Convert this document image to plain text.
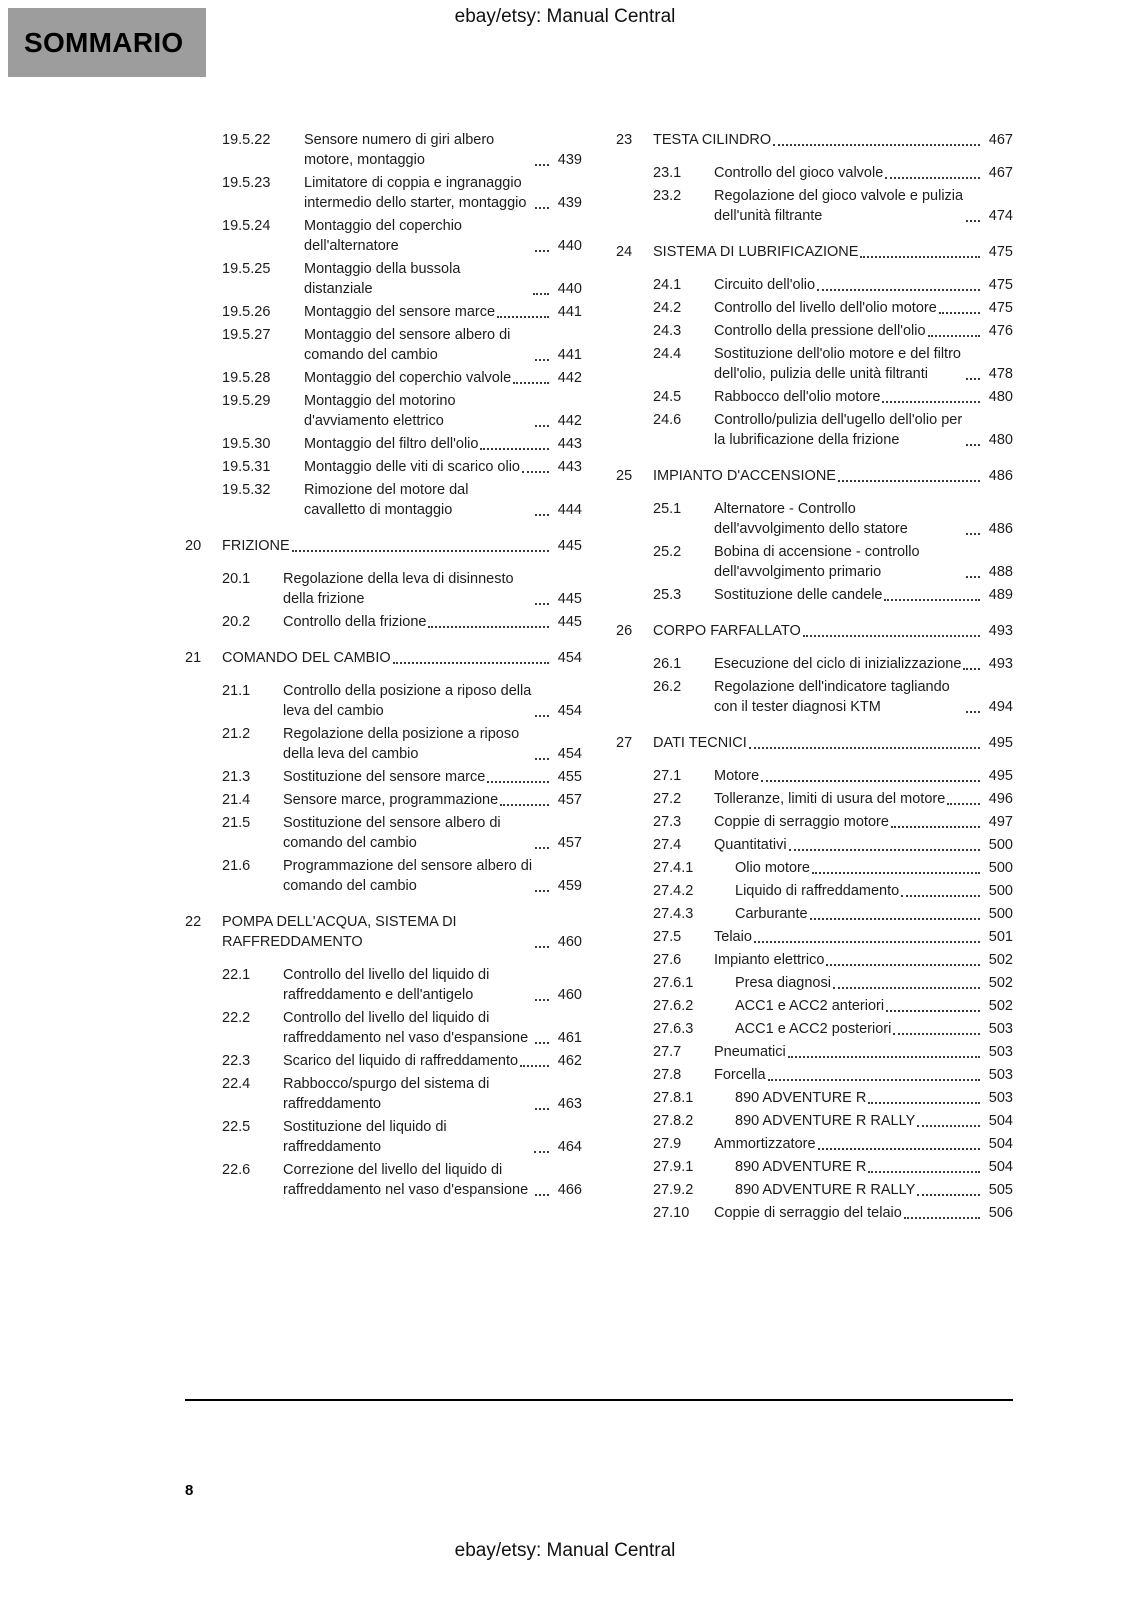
ebay/etsy: Manual Central
SOMMARIO
19.5.22	Sensore numero di giri albero motore, montaggio	439
19.5.23	Limitatore di coppia e ingranaggio intermedio dello starter, montaggio	439
19.5.24	Montaggio del coperchio dell'alternatore	440
19.5.25	Montaggio della bussola distanziale	440
19.5.26	Montaggio del sensore marce	441
19.5.27	Montaggio del sensore albero di comando del cambio	441
19.5.28	Montaggio del coperchio valvole	442
19.5.29	Montaggio del motorino d'avviamento elettrico	442
19.5.30	Montaggio del filtro dell'olio	443
19.5.31	Montaggio delle viti di scarico olio	443
19.5.32	Rimozione del motore dal cavalletto di montaggio	444
20	FRIZIONE	445
20.1	Regolazione della leva di disinnesto della frizione	445
20.2	Controllo della frizione	445
21	COMANDO DEL CAMBIO	454
21.1	Controllo della posizione a riposo della leva del cambio	454
21.2	Regolazione della posizione a riposo della leva del cambio	454
21.3	Sostituzione del sensore marce	455
21.4	Sensore marce, programmazione	457
21.5	Sostituzione del sensore albero di comando del cambio	457
21.6	Programmazione del sensore albero di comando del cambio	459
22	POMPA DELL'ACQUA, SISTEMA DI RAFFREDDAMENTO	460
22.1	Controllo del livello del liquido di raffreddamento e dell'antigelo	460
22.2	Controllo del livello del liquido di raffreddamento nel vaso d'espansione	461
22.3	Scarico del liquido di raffreddamento	462
22.4	Rabbocco/spurgo del sistema di raffreddamento	463
22.5	Sostituzione del liquido di raffreddamento	464
22.6	Correzione del livello del liquido di raffreddamento nel vaso d'espansione	466
23	TESTA CILINDRO	467
23.1	Controllo del gioco valvole	467
23.2	Regolazione del gioco valvole e pulizia dell'unità filtrante	474
24	SISTEMA DI LUBRIFICAZIONE	475
24.1	Circuito dell'olio	475
24.2	Controllo del livello dell'olio motore	475
24.3	Controllo della pressione dell'olio	476
24.4	Sostituzione dell'olio motore e del filtro dell'olio, pulizia delle unità filtranti	478
24.5	Rabbocco dell'olio motore	480
24.6	Controllo/pulizia dell'ugello dell'olio per la lubrificazione della frizione	480
25	IMPIANTO D'ACCENSIONE	486
25.1	Alternatore - Controllo dell'avvolgimento dello statore	486
25.2	Bobina di accensione - controllo dell'avvolgimento primario	488
25.3	Sostituzione delle candele	489
26	CORPO FARFALLATO	493
26.1	Esecuzione del ciclo di inizializzazione	493
26.2	Regolazione dell'indicatore tagliando con il tester diagnosi KTM	494
27	DATI TECNICI	495
27.1	Motore	495
27.2	Tolleranze, limiti di usura del motore	496
27.3	Coppie di serraggio motore	497
27.4	Quantitativi	500
27.4.1	Olio motore	500
27.4.2	Liquido di raffreddamento	500
27.4.3	Carburante	500
27.5	Telaio	501
27.6	Impianto elettrico	502
27.6.1	Presa diagnosi	502
27.6.2	ACC1 e ACC2 anteriori	502
27.6.3	ACC1 e ACC2 posteriori	503
27.7	Pneumatici	503
27.8	Forcella	503
27.8.1	890 ADVENTURE R	503
27.8.2	890 ADVENTURE R RALLY	504
27.9	Ammortizzatore	504
27.9.1	890 ADVENTURE R	504
27.9.2	890 ADVENTURE R RALLY	505
27.10	Coppie di serraggio del telaio	506
8
ebay/etsy: Manual Central
